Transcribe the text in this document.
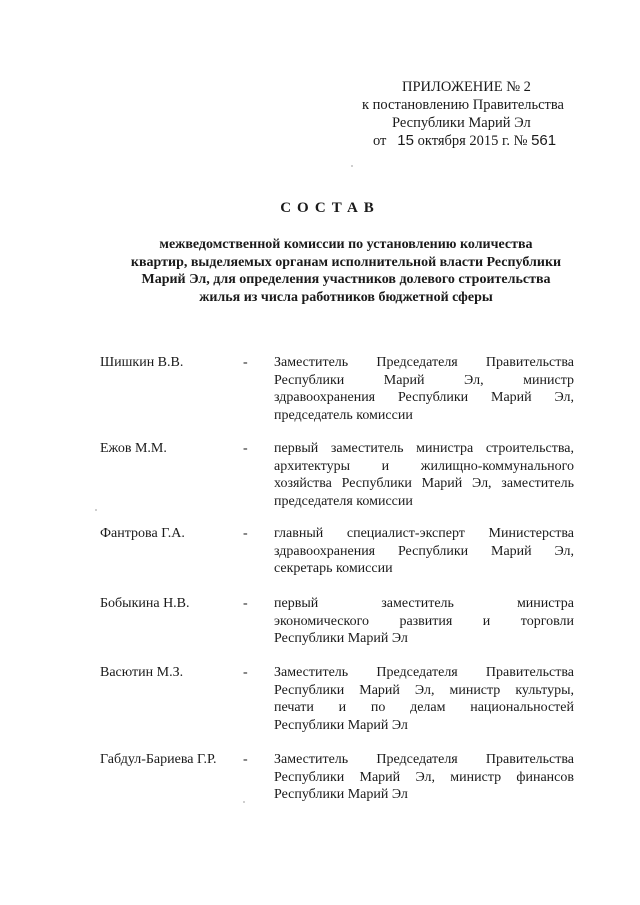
ПРИЛОЖЕНИЕ № 2
к постановлению Правительства
Республики Марий Эл
от 15 октября 2015 г. № 561
СОСТАВ
межведомственной комиссии по установлению количества
квартир, выделяемых органам исполнительной власти Республики
Марий Эл, для определения участников долевого строительства
жилья из числа работников бюджетной сферы
Шишкин В.В.	- Заместитель Председателя Правительства
Республики Марий Эл, министр
здравоохранения Республики Марий Эл,
председатель комиссии
Ежов М.М.	- первый заместитель министра строительства,
архитектуры и жилищно-коммунального
хозяйства Республики Марий Эл, заместитель
председателя комиссии
Фантрова Г.А.	- главный специалист-эксперт Министерства
здравоохранения Республики Марий Эл,
секретарь комиссии
Бобыкина Н.В.	- первый заместитель министра
экономического развития и торговли
Республики Марий Эл
Васютин М.З.	- Заместитель Председателя Правительства
Республики Марий Эл, министр культуры,
печати и по делам национальностей
Республики Марий Эл
Габдул-Бариева Г.Р. - Заместитель Председателя Правительства
Республики Марий Эл, министр финансов
Республики Марий Эл
